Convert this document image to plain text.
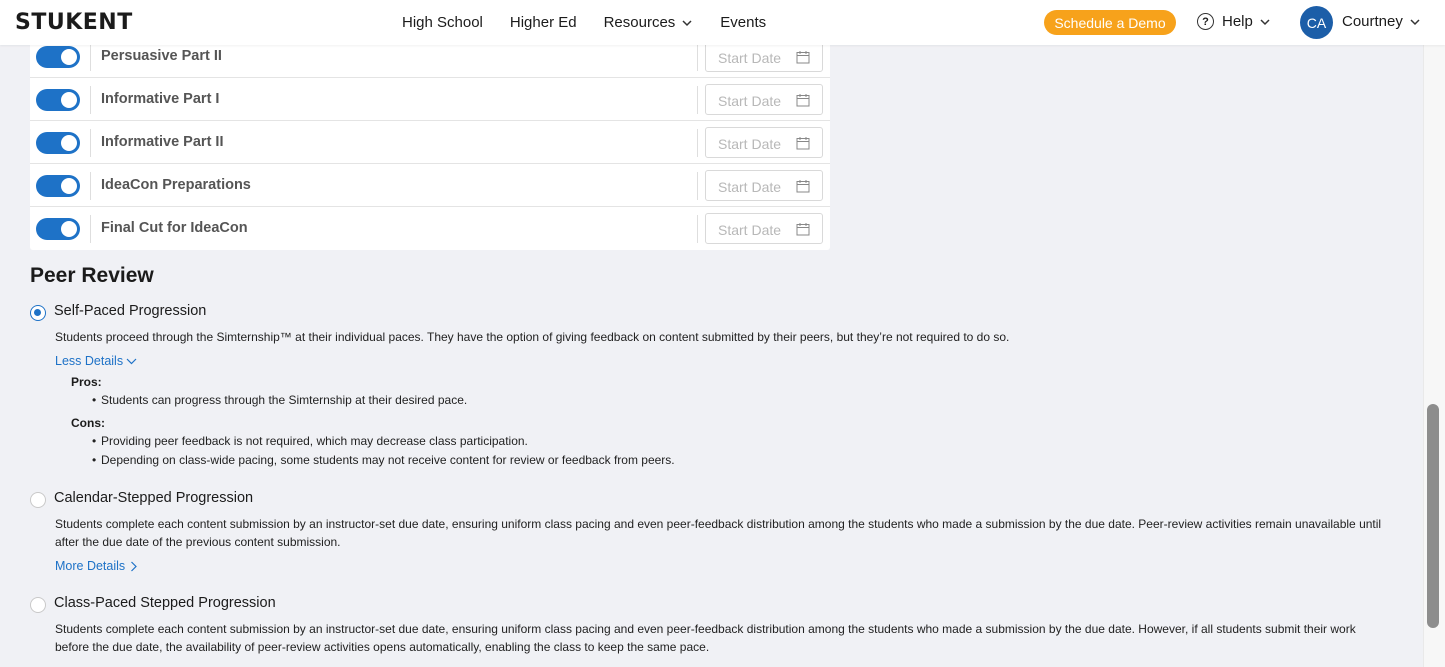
STUKENT	High School Higher Ed Resources	Events	Schedule a Demo	? Help	CA	Courtney
Persuasive Part II	Start Date
Informative Part I	Start Date
Informative Part II	Start Date
IdeaCon Preparations	Start Date
Final Cut for IdeaCon	Start Date
Peer Review
Self-Paced Progression
Students proceed through the Simternship™ at their individual paces. They have the option of giving feedback on content submitted by their peers, but they’re not required to do so.
Less Details
Pros:
• Students can progress through the Simternship at their desired pace.
Cons:
• Providing peer feedback is not required, which may decrease class participation.
• Depending on class-wide pacing, some students may not receive content for review or feedback from peers.
Calendar-Stepped Progression
Students complete each content submission by an instructor-set due date, ensuring uniform class pacing and even peer-feedback distribution among the students who made a submission by the due date. Peer-review activities remain unavailable until
after the due date of the previous content submission.
More Details
Class-Paced Stepped Progression
Students complete each content submission by an instructor-set due date, ensuring uniform class pacing and even peer-feedback distribution among the students who made a submission by the due date. However, if all students submit their work
before the due date, the availability of peer-review activities opens automatically, enabling the class to keep the same pace.
